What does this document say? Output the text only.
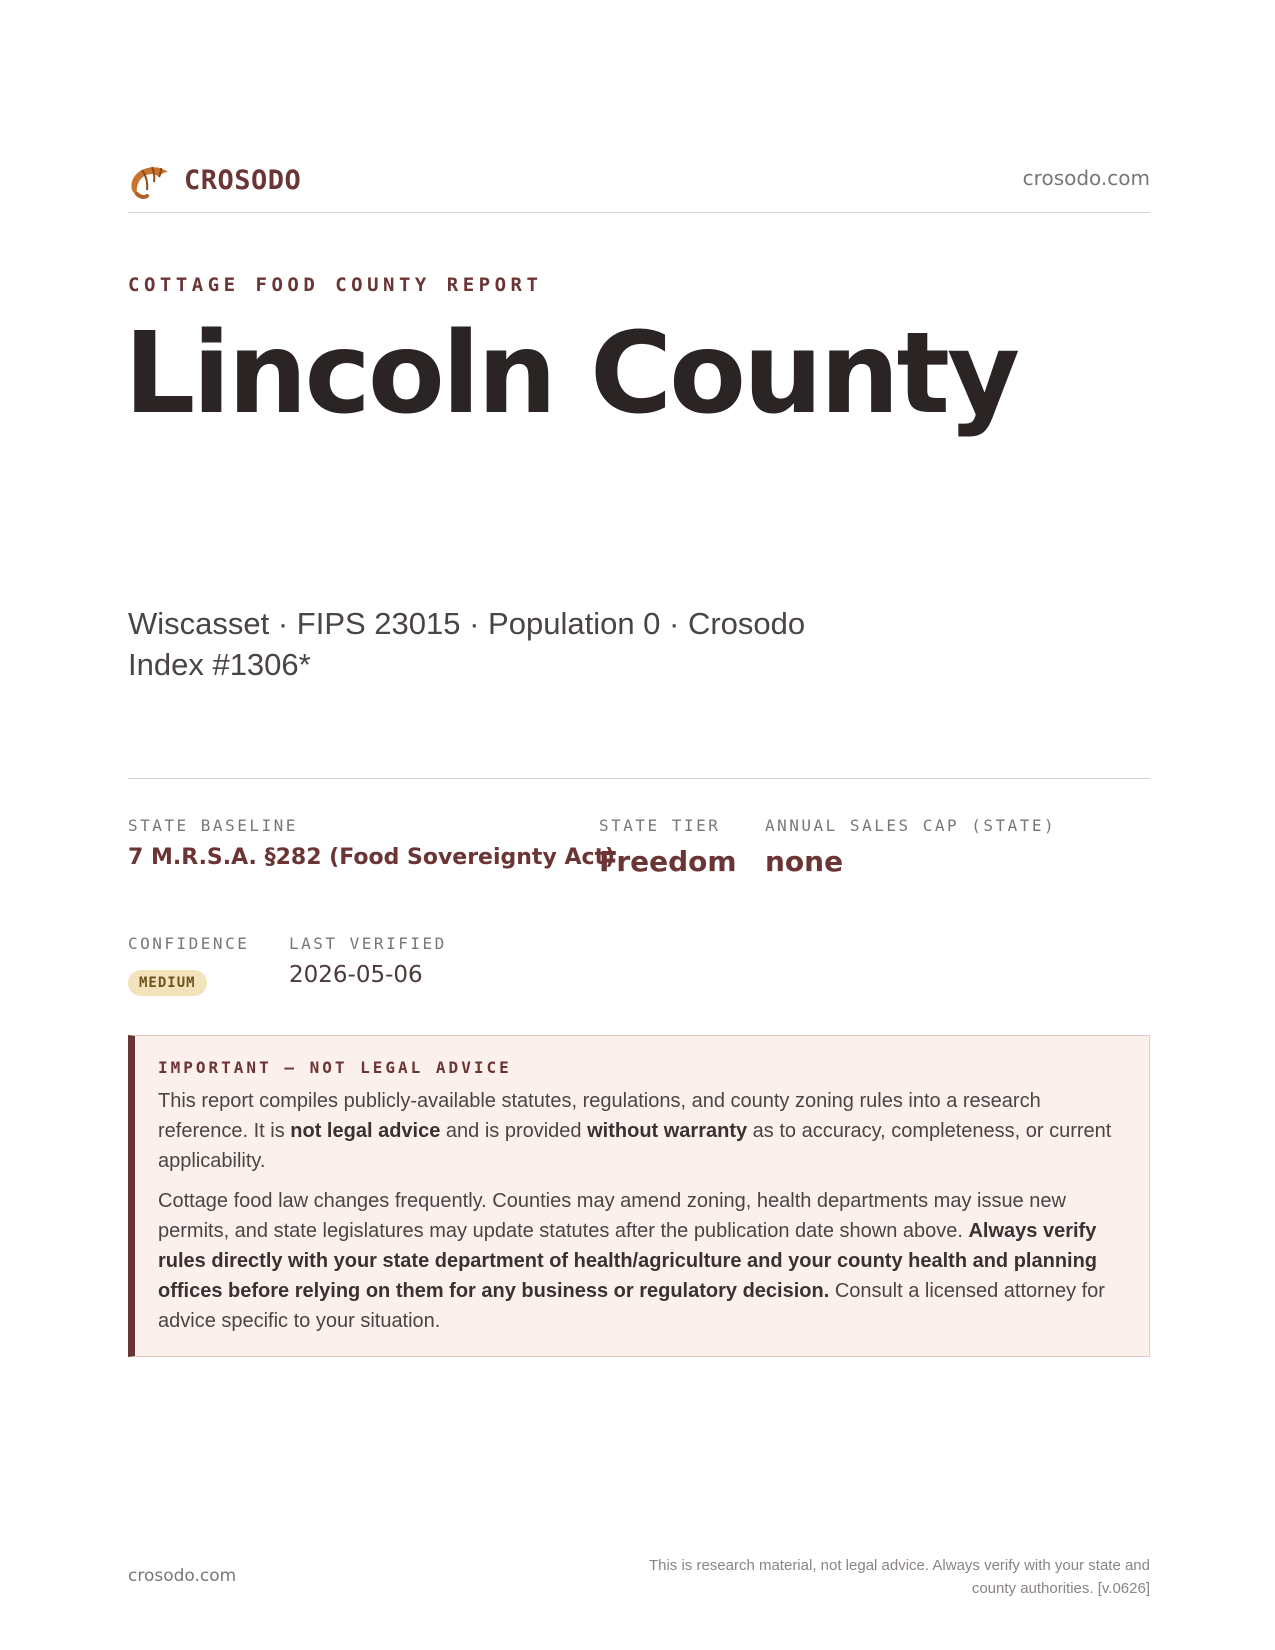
CROSODO	crosodo.com
COTTAGE FOOD COUNTY REPORT
Lincoln County
Wiscasset · FIPS 23015 · Population 0 · Crosodo Index #1306*
STATE BASELINE
7 M.R.S.A. §282 (Food Sovereignty Act)
STATE TIER
Freedom
ANNUAL SALES CAP (STATE)
none
CONFIDENCE
MEDIUM
LAST VERIFIED
2026-05-06
IMPORTANT — NOT LEGAL ADVICE

This report compiles publicly-available statutes, regulations, and county zoning rules into a research reference. It is not legal advice and is provided without warranty as to accuracy, completeness, or current applicability.

Cottage food law changes frequently. Counties may amend zoning, health departments may issue new permits, and state legislatures may update statutes after the publication date shown above. Always verify rules directly with your state department of health/agriculture and your county health and planning offices before relying on them for any business or regulatory decision. Consult a licensed attorney for advice specific to your situation.

crosodo.com
This is research material, not legal advice. Always verify with your state and county authorities. [v.0626]
